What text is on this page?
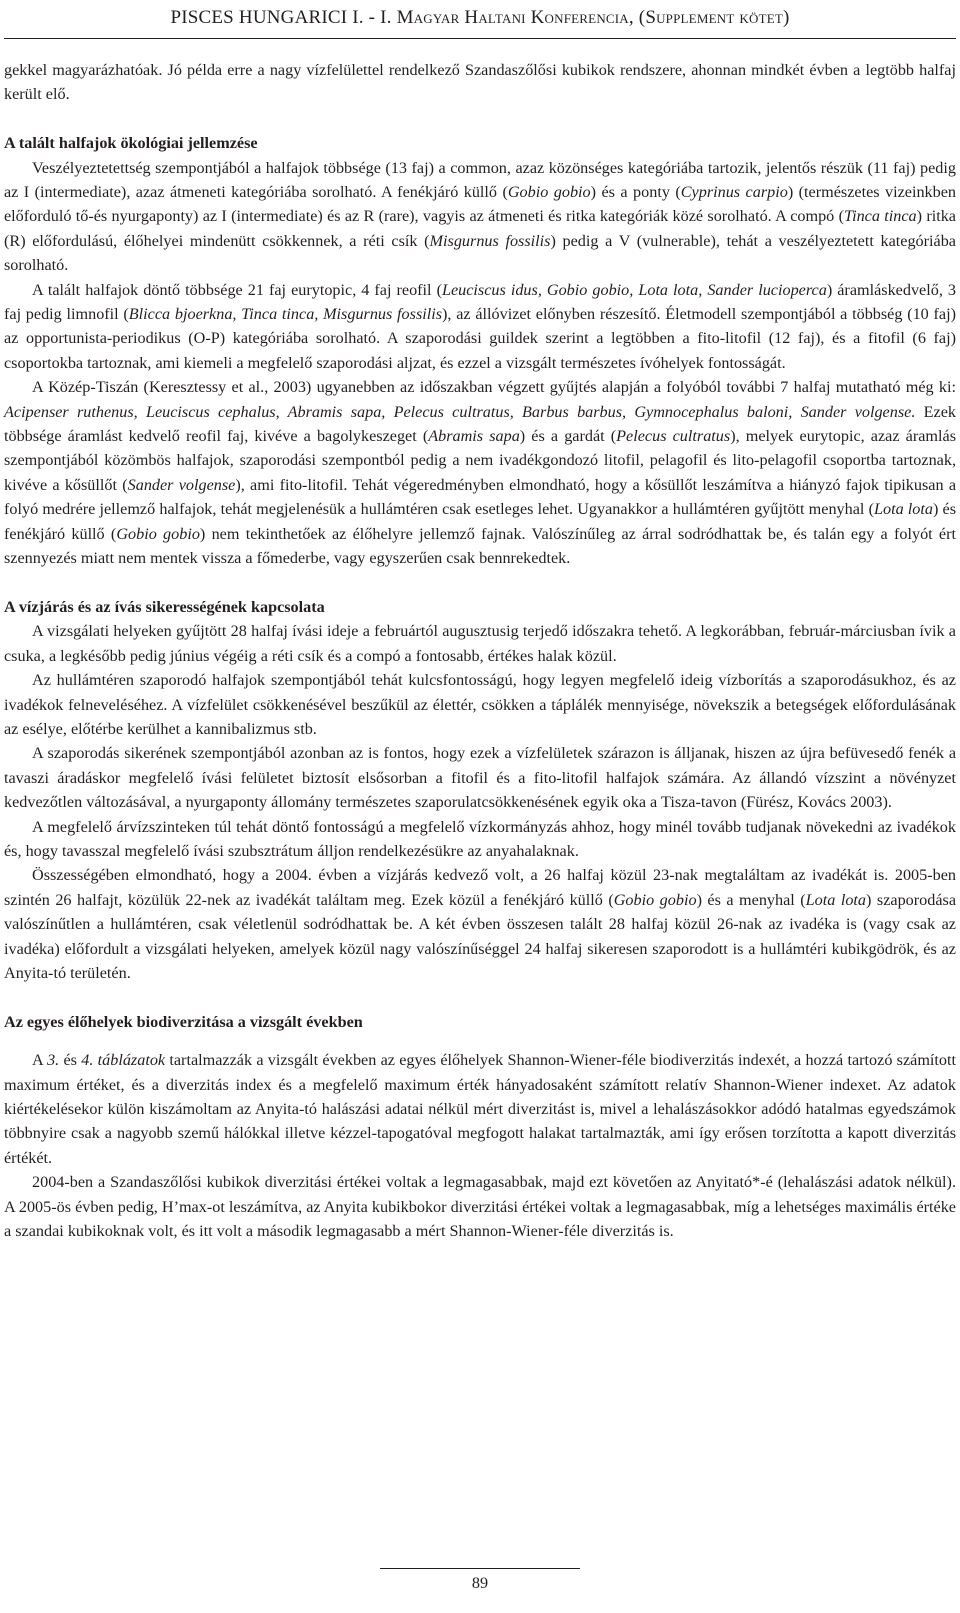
PISCES HUNGARICI I. - I. Magyar Haltani Konferencia, (Supplement kötet)

gekkel magyarázhatóak. Jó példa erre a nagy vízfelülettel rendelkező Szandaszőlősi kubikok rendszere, ahonnan mindkét évben a legtöbb halfaj került elő.

A talált halfajok ökológiai jellemzése

Veszélyeztetettség szempontjából a halfajok többsége (13 faj) a common, azaz közönséges kategóriába tartozik, jelentős részük (11 faj) pedig az I (intermediate), azaz átmeneti kategóriába sorolható. A fenékjáró küllő (Gobio gobio) és a ponty (Cyprinus carpio) (természetes vizeinkben előforduló tő-és nyurgaponty) az I (intermediate) és az R (rare), vagyis az átmeneti és ritka kategóriák közé sorolható. A compó (Tinca tinca) ritka (R) előfordulású, élőhelyei mindenütt csökkennek, a réti csík (Misgurnus fossilis) pedig a V (vulnerable), tehát a veszélyeztetett kategóriába sorolható.

A talált halfajok döntő többsége 21 faj eurytopic, 4 faj reofil (Leuciscus idus, Gobio gobio, Lota lota, Sander lucioperca) áramláskedvelő, 3 faj pedig limnofil (Blicca bjoerkna, Tinca tinca, Misgurnus fossilis), az állóvizet előnyben részesítő. Életmodell szempontjából a többség (10 faj) az opportunista-periodikus (O-P) kategóriába sorolható. A szaporodási guildek szerint a legtöbben a fito-litofil (12 faj), és a fitofil (6 faj) csoportokba tartoznak, ami kiemeli a megfelelő szaporodási aljzat, és ezzel a vizsgált természetes ívóhelyek fontosságát.

A Közép-Tiszán (Keresztessy et al., 2003) ugyanebben az időszakban végzett gyűjtés alapján a folyóból további 7 halfaj mutatható még ki: Acipenser ruthenus, Leuciscus cephalus, Abramis sapa, Pelecus cultratus, Barbus barbus, Gymnocephalus baloni, Sander volgense. Ezek többsége áramlást kedvelő reofil faj, kivéve a bagolykeszeget (Abramis sapa) és a gardát (Pelecus cultratus), melyek eurytopic, azaz áramlás szempontjából közömbös halfajok, szaporodási szempontból pedig a nem ivadékgondozó litofil, pelagofil és lito-pelagofil csoportba tartoznak, kivéve a kősüllőt (Sander volgense), ami fito-litofil. Tehát végeredményben elmondható, hogy a kősüllőt leszámítva a hiányzó fajok tipikusan a folyó medrére jellemző halfajok, tehát megjelenésük a hullámtéren csak esetleges lehet. Ugyanakkor a hullámtéren gyűjtött menyhal (Lota lota) és fenékjáró küllő (Gobio gobio) nem tekinthetőek az élőhelyre jellemző fajnak. Valószínűleg az árral sodródhattak be, és talán egy a folyót ért szennyezés miatt nem mentek vissza a főmederbe, vagy egyszerűen csak bennrekedtek.

A vízjárás és az ívás sikerességének kapcsolata

A vizsgálati helyeken gyűjtött 28 halfaj ívási ideje a februártól augusztusig terjedő időszakra tehető. A legkorábban, február-márciusban ívik a csuka, a legkésőbb pedig június végéig a réti csík és a compó a fontosabb, értékes halak közül.

Az hullámtéren szaporodó halfajok szempontjából tehát kulcsfontosságú, hogy legyen megfelelő ideig vízborítás a szaporodásukhoz, és az ivadékok felneveléséhez. A vízfelület csökkenésével beszűkül az élettér, csökken a táplálék mennyisége, növekszik a betegségek előfordulásának az esélye, előtérbe kerülhet a kannibalizmus stb.

A szaporodás sikerének szempontjából azonban az is fontos, hogy ezek a vízfelületek szárazon is álljanak, hiszen az újra befüvesedő fenék a tavaszi áradáskor megfelelő ívási felületet biztosít elsősorban a fitofil és a fito-litofil halfajok számára. Az állandó vízszint a növényzet kedvezőtlen változásával, a nyurgaponty állomány természetes szaporulatcsökkenésének egyik oka a Tisza-tavon (Fürész, Kovács 2003).

A megfelelő árvízszinteken túl tehát döntő fontosságú a megfelelő vízkormányzás ahhoz, hogy minél tovább tudjanak növekedni az ivadékok és, hogy tavasszal megfelelő ívási szubsztrátum álljon rendelkezésükre az anyahalaknak.

Összességében elmondható, hogy a 2004. évben a vízjárás kedvező volt, a 26 halfaj közül 23-nak megtaláltam az ivadékát is. 2005-ben szintén 26 halfajt, közülük 22-nek az ivadékát találtam meg. Ezek közül a fenékjáró küllő (Gobio gobio) és a menyhal (Lota lota) szaporodása valószínűtlen a hullámtéren, csak véletlenül sodródhattak be. A két évben összesen talált 28 halfaj közül 26-nak az ivadéka is (vagy csak az ivadéka) előfordult a vizsgálati helyeken, amelyek közül nagy valószínűséggel 24 halfaj sikeresen szaporodott is a hullámtéri kubikgödrök, és az Anyita-tó területén.

Az egyes élőhelyek biodiverzitása a vizsgált években

A 3. és 4. táblázatok tartalmazzák a vizsgált években az egyes élőhelyek Shannon-Wiener-féle biodiverzitás indexét, a hozzá tartozó számított maximum értéket, és a diverzitás index és a megfelelő maximum érték hányadosaként számított relatív Shannon-Wiener indexet. Az adatok kiértékelésekor külön kiszámoltam az Anyita-tó halászási adatai nélkül mért diverzitást is, mivel a lehalászásokkor adódó hatalmas egyedszámok többnyire csak a nagyobb szemű hálókkal illetve kézzel-tapogatóval megfogott halakat tartalmazták, ami így erősen torzította a kapott diverzitás értékét.

2004-ben a Szandaszőlősi kubikok diverzitási értékei voltak a legmagasabbak, majd ezt követően az Anyitató*-é (lehalászási adatok nélkül). A 2005-ös évben pedig, H’max-ot leszámítva, az Anyita kubikbokor diverzitási értékei voltak a legmagasabbak, míg a lehetséges maximális értéke a szandai kubikoknak volt, és itt volt a második legmagasabb a mért Shannon-Wiener-féle diverzitás is.

89
